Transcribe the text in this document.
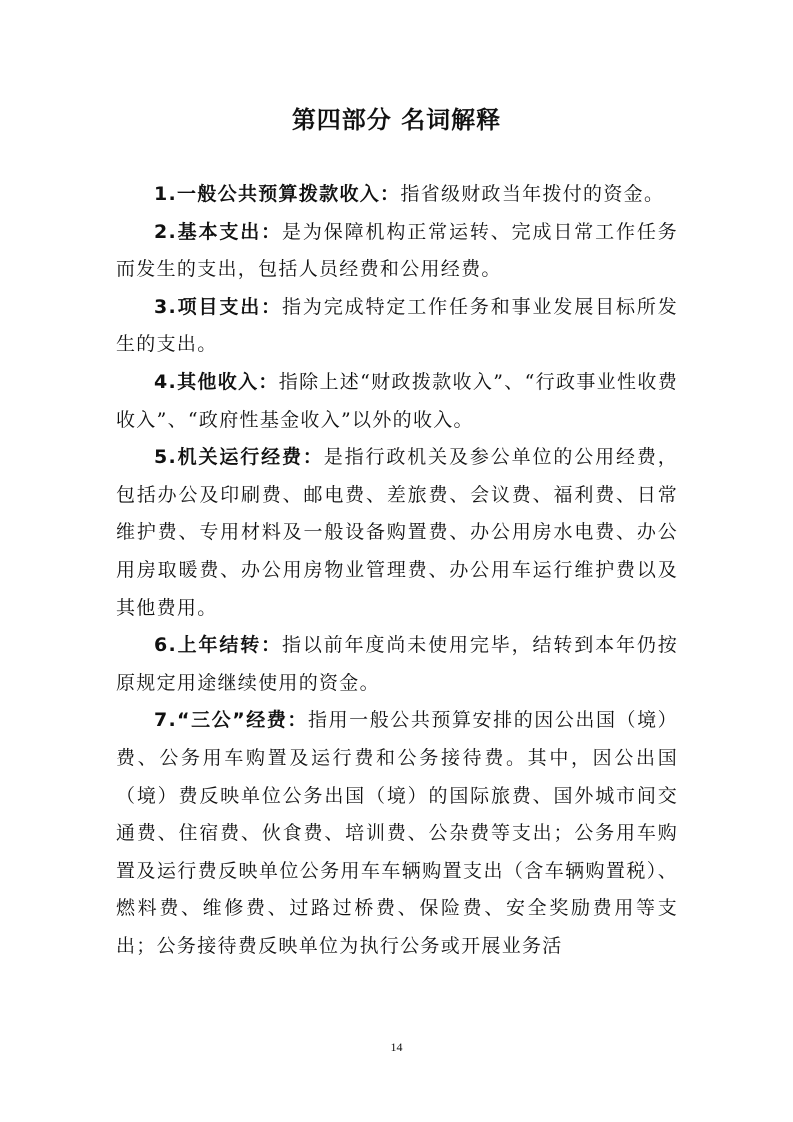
第四部分 名词解释

1.一般公共预算拨款收入：指省级财政当年拨付的资金。

2.基本支出：是为保障机构正常运转、完成日常工作任务而发生的支出，包括人员经费和公用经费。

3.项目支出：指为完成特定工作任务和事业发展目标所发生的支出。

4.其他收入：指除上述“财政拨款收入”、“行政事业性收费收入”、“政府性基金收入”以外的收入。

5.机关运行经费：是指行政机关及参公单位的公用经费，包括办公及印刷费、邮电费、差旅费、会议费、福利费、日常维护费、专用材料及一般设备购置费、办公用房水电费、办公用房取暖费、办公用房物业管理费、办公用车运行维护费以及其他费用。

6.上年结转：指以前年度尚未使用完毕，结转到本年仍按原规定用途继续使用的资金。

7.“三公”经费：指用一般公共预算安排的因公出国（境）费、公务用车购置及运行费和公务接待费。其中，因公出国（境）费反映单位公务出国（境）的国际旅费、国外城市间交通费、住宿费、伙食费、培训费、公杂费等支出；公务用车购置及运行费反映单位公务用车车辆购置支出（含车辆购置税）、燃料费、维修费、过路过桥费、保险费、安全奖励费用等支出；公务接待费反映单位为执行公务或开展业务活

14
